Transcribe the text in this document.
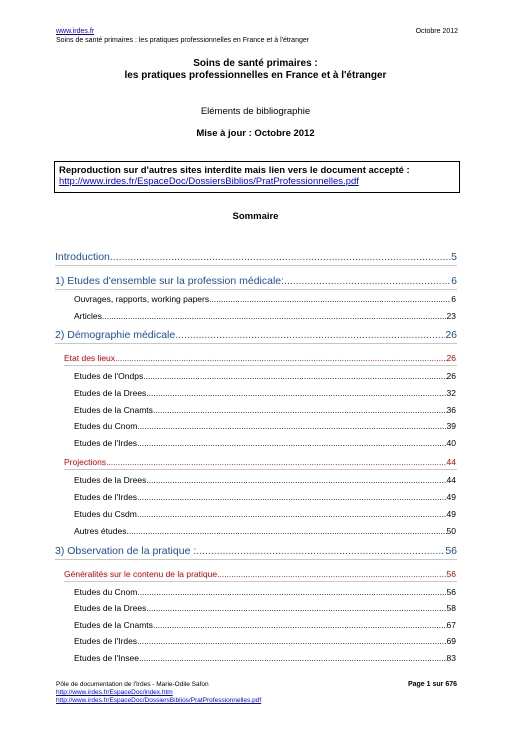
www.irdes.fr
Soins de santé primaires : les pratiques professionnelles en France et à l'étranger
Octobre 2012
Soins de santé primaires :
les pratiques professionnelles en France et à l'étranger
Eléments de bibliographie
Mise à jour : Octobre 2012
Reproduction sur d'autres sites interdite mais lien vers le document accepté :
http://www.irdes.fr/EspaceDoc/DossiersBiblios/PratProfessionnelles.pdf
Sommaire
Introduction .....	5
1) Etudes d'ensemble sur la profession médicale: .....	6
Ouvrages, rapports, working papers .....	6
Articles .....	23
2) Démographie médicale .....	26
Etat des lieux .....	26
Etudes de l'Ondps .....	26
Etudes de la Drees .....	32
Etudes de la Cnamts .....	36
Etudes du Cnom .....	39
Etudes de l'Irdes .....	40
Projections .....	44
Etudes de la Drees .....	44
Etudes de l'Irdes .....	49
Etudes du Csdm .....	49
Autres études .....	50
3) Observation de la pratique : .....	56
Généralités sur le contenu de la pratique .....	56
Etudes du Cnom .....	56
Etudes de la Drees .....	58
Etudes de la Cnamts .....	67
Etudes de l'Irdes .....	69
Etudes de l'Insee .....	83
Pôle de documentation de l'Irdes - Marie-Odile Safon
http://www.irdes.fr/EspaceDoc/index.htm
http://www.irdes.fr/EspaceDoc/DossiersBiblios/PratProfessionnelles.pdf
Page 1 sur 676
